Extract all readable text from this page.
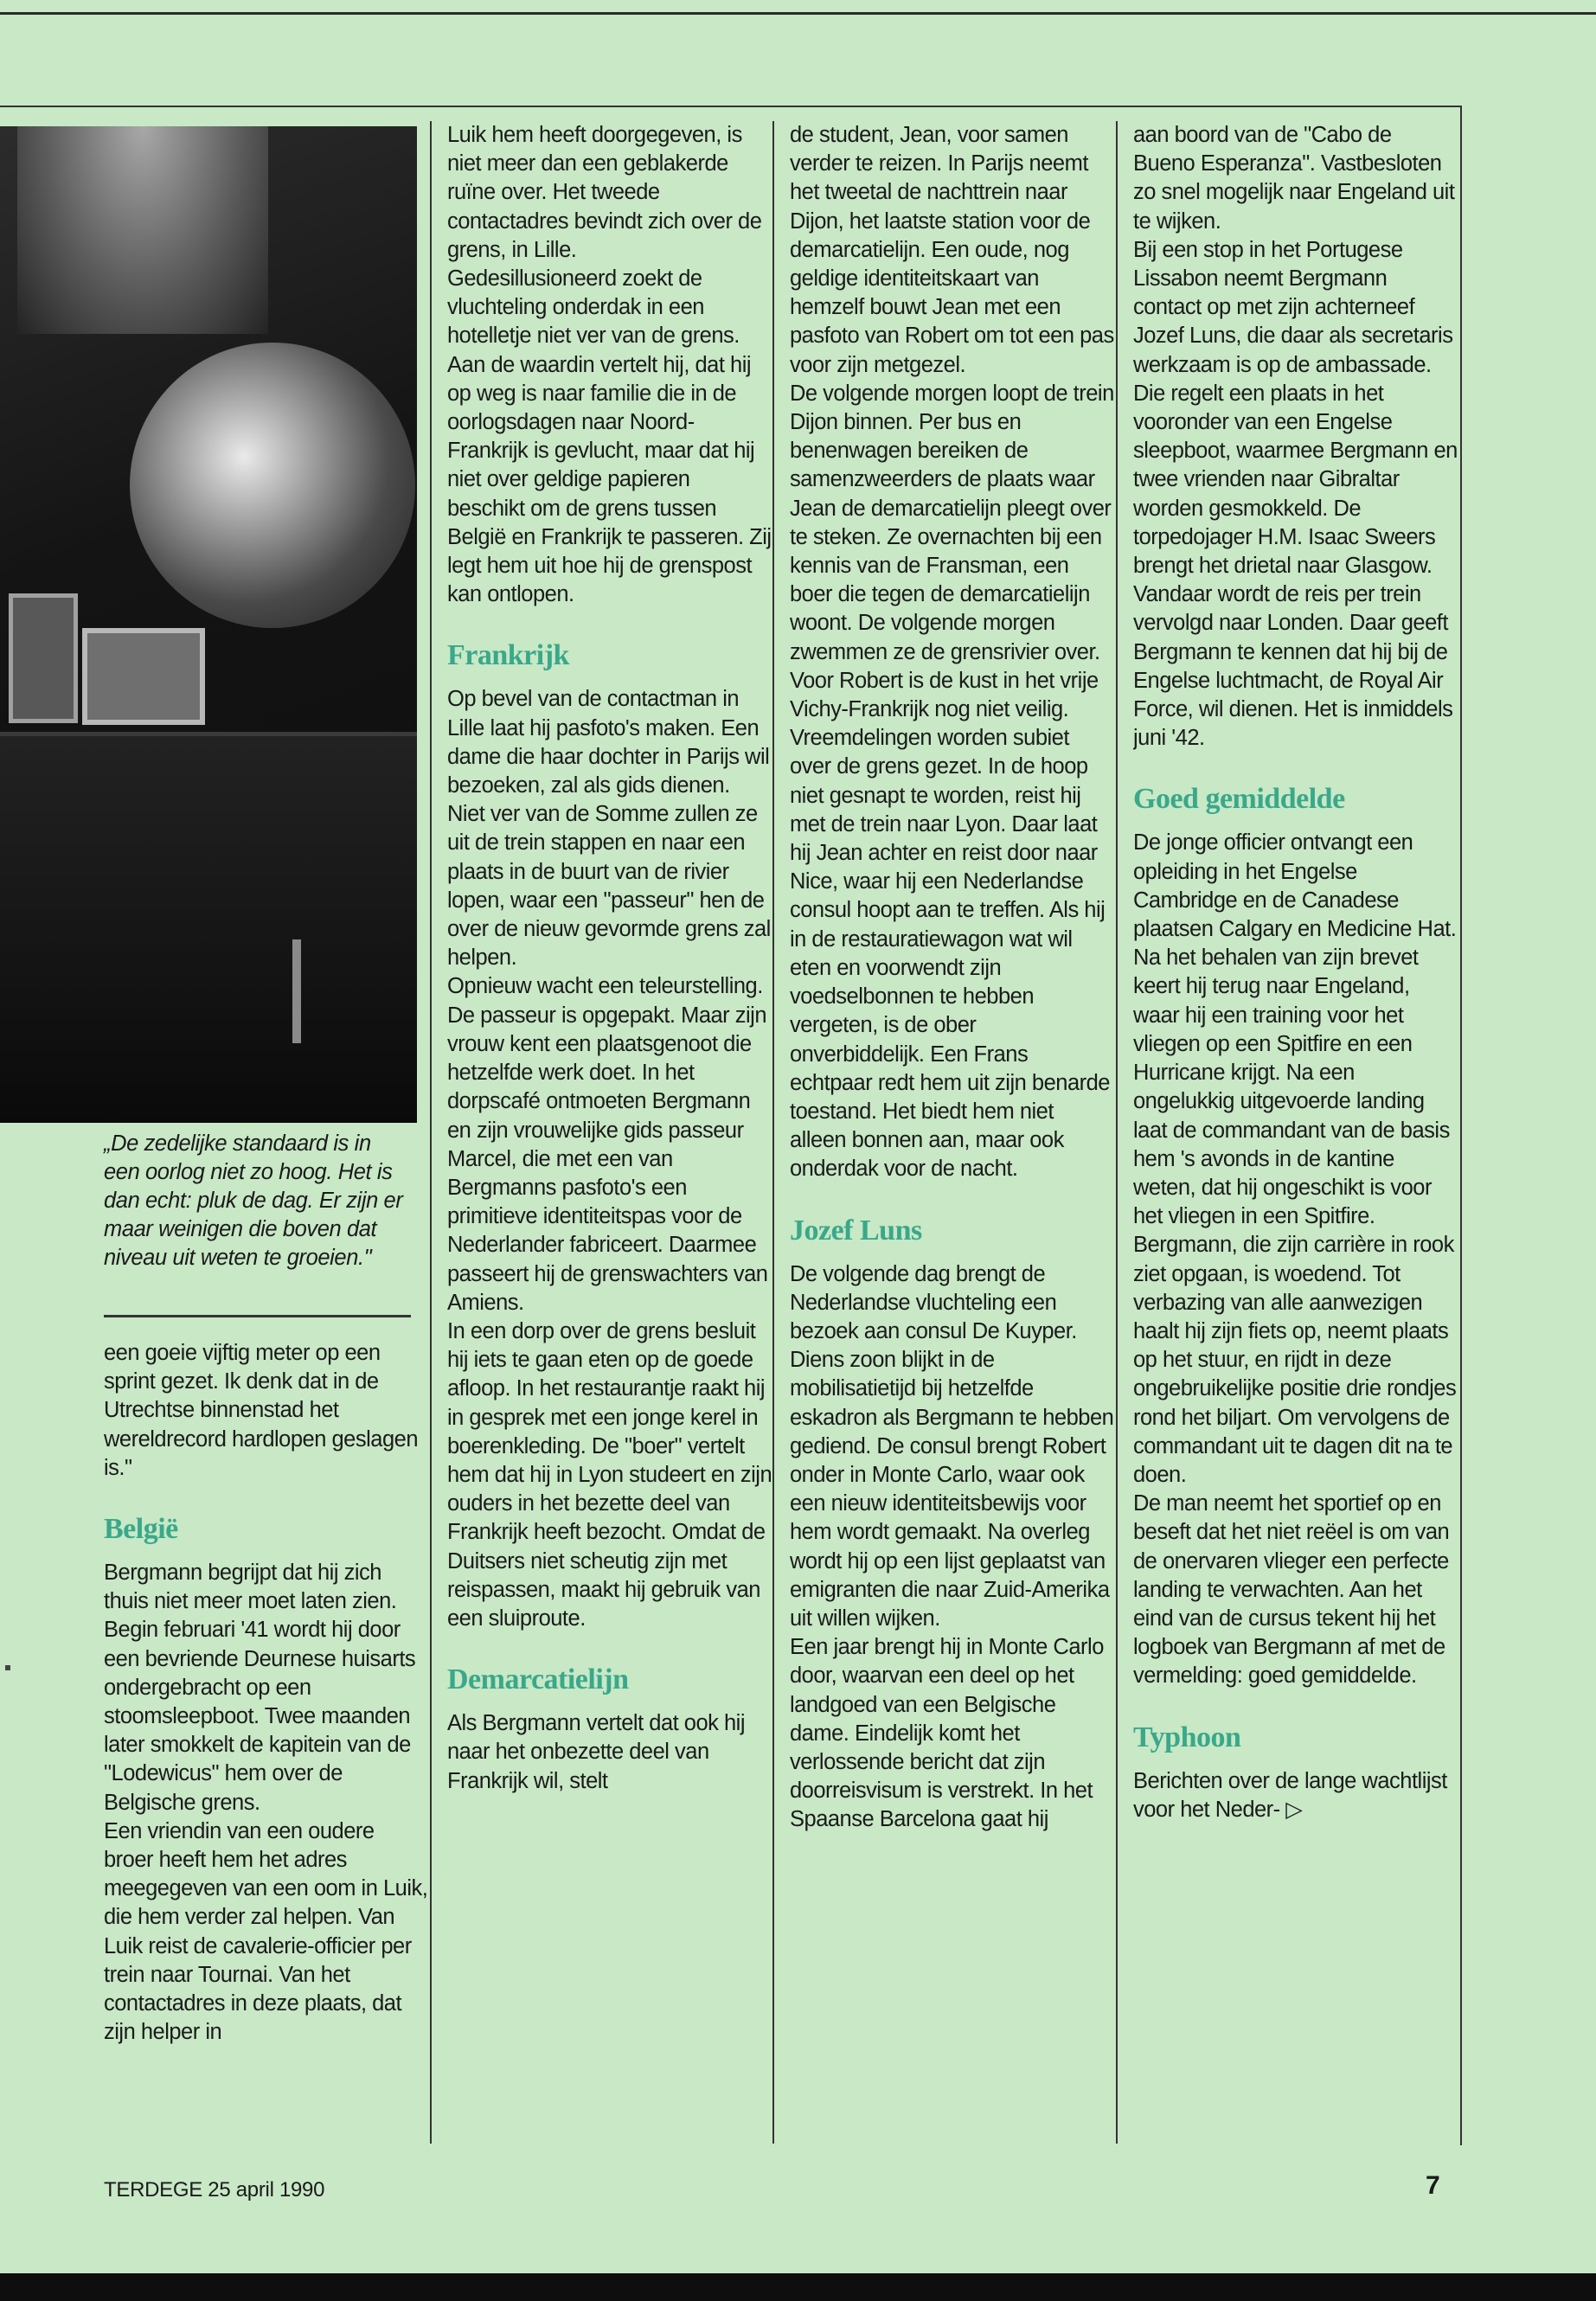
„De zedelijke standaard is in een oorlog niet zo hoog. Het is dan echt: pluk de dag. Er zijn er maar weinigen die boven dat niveau uit weten te groeien."

een goeie vijftig meter op een sprint gezet. Ik denk dat in de Utrechtse binnenstad het wereldrecord hardlopen geslagen is."

België

Bergmann begrijpt dat hij zich thuis niet meer moet laten zien. Begin februari '41 wordt hij door een bevriende Deurnese huisarts ondergebracht op een stoomsleepboot. Twee maanden later smokkelt de kapitein van de "Lodewicus" hem over de Belgische grens.

Een vriendin van een oudere broer heeft hem het adres meegegeven van een oom in Luik, die hem verder zal helpen. Van Luik reist de cavalerie-officier per trein naar Tournai. Van het contactadres in deze plaats, dat zijn helper in

Luik hem heeft doorgegeven, is niet meer dan een geblakerde ruïne over. Het tweede contactadres bevindt zich over de grens, in Lille.

Gedesillusioneerd zoekt de vluchteling onderdak in een hotelletje niet ver van de grens. Aan de waardin vertelt hij, dat hij op weg is naar familie die in de oorlogsdagen naar Noord-Frankrijk is gevlucht, maar dat hij niet over geldige papieren beschikt om de grens tussen België en Frankrijk te passeren. Zij legt hem uit hoe hij de grenspost kan ontlopen.

Frankrijk

Op bevel van de contactman in Lille laat hij pasfoto's maken. Een dame die haar dochter in Parijs wil bezoeken, zal als gids dienen. Niet ver van de Somme zullen ze uit de trein stappen en naar een plaats in de buurt van de rivier lopen, waar een "passeur" hen de over de nieuw gevormde grens zal helpen.

Opnieuw wacht een teleurstelling. De passeur is opgepakt. Maar zijn vrouw kent een plaatsgenoot die hetzelfde werk doet. In het dorpscafé ontmoeten Bergmann en zijn vrouwelijke gids passeur Marcel, die met een van Bergmanns pasfoto's een primitieve identiteitspas voor de Nederlander fabriceert. Daarmee passeert hij de grenswachters van Amiens.

In een dorp over de grens besluit hij iets te gaan eten op de goede afloop. In het restaurantje raakt hij in gesprek met een jonge kerel in boerenkleding. De "boer" vertelt hem dat hij in Lyon studeert en zijn ouders in het bezette deel van Frankrijk heeft bezocht. Omdat de Duitsers niet scheutig zijn met reispassen, maakt hij gebruik van een sluiproute.

Demarcatielijn

Als Bergmann vertelt dat ook hij naar het onbezette deel van Frankrijk wil, stelt

de student, Jean, voor samen verder te reizen. In Parijs neemt het tweetal de nachttrein naar Dijon, het laatste station voor de demarcatielijn. Een oude, nog geldige identiteitskaart van hemzelf bouwt Jean met een pasfoto van Robert om tot een pas voor zijn metgezel.

De volgende morgen loopt de trein Dijon binnen. Per bus en benenwagen bereiken de samenzweerders de plaats waar Jean de demarcatielijn pleegt over te steken. Ze overnachten bij een kennis van de Fransman, een boer die tegen de demarcatielijn woont. De volgende morgen zwemmen ze de grensrivier over. Voor Robert is de kust in het vrije Vichy-Frankrijk nog niet veilig. Vreemdelingen worden subiet over de grens gezet. In de hoop niet gesnapt te worden, reist hij met de trein naar Lyon. Daar laat hij Jean achter en reist door naar Nice, waar hij een Nederlandse consul hoopt aan te treffen. Als hij in de restauratiewagon wat wil eten en voorwendt zijn voedselbonnen te hebben vergeten, is de ober onverbiddelijk. Een Frans echtpaar redt hem uit zijn benarde toestand. Het biedt hem niet alleen bonnen aan, maar ook onderdak voor de nacht.

Jozef Luns

De volgende dag brengt de Nederlandse vluchteling een bezoek aan consul De Kuyper. Diens zoon blijkt in de mobilisatietijd bij hetzelfde eskadron als Bergmann te hebben gediend. De consul brengt Robert onder in Monte Carlo, waar ook een nieuw identiteitsbewijs voor hem wordt gemaakt. Na overleg wordt hij op een lijst geplaatst van emigranten die naar Zuid-Amerika uit willen wijken.

Een jaar brengt hij in Monte Carlo door, waarvan een deel op het landgoed van een Belgische dame. Eindelijk komt het verlossende bericht dat zijn doorreisvisum is verstrekt. In het Spaanse Barcelona gaat hij

aan boord van de "Cabo de Bueno Esperanza". Vastbesloten zo snel mogelijk naar Engeland uit te wijken.

Bij een stop in het Portugese Lissabon neemt Bergmann contact op met zijn achterneef Jozef Luns, die daar als secretaris werkzaam is op de ambassade. Die regelt een plaats in het vooronder van een Engelse sleepboot, waarmee Bergmann en twee vrienden naar Gibraltar worden gesmokkeld. De torpedojager H.M. Isaac Sweers brengt het drietal naar Glasgow. Vandaar wordt de reis per trein vervolgd naar Londen. Daar geeft Bergmann te kennen dat hij bij de Engelse luchtmacht, de Royal Air Force, wil dienen. Het is inmiddels juni '42.

Goed gemiddelde

De jonge officier ontvangt een opleiding in het Engelse Cambridge en de Canadese plaatsen Calgary en Medicine Hat. Na het behalen van zijn brevet keert hij terug naar Engeland, waar hij een training voor het vliegen op een Spitfire en een Hurricane krijgt. Na een ongelukkig uitgevoerde landing laat de commandant van de basis hem 's avonds in de kantine weten, dat hij ongeschikt is voor het vliegen in een Spitfire.

Bergmann, die zijn carrière in rook ziet opgaan, is woedend. Tot verbazing van alle aanwezigen haalt hij zijn fiets op, neemt plaats op het stuur, en rijdt in deze ongebruikelijke positie drie rondjes rond het biljart. Om vervolgens de commandant uit te dagen dit na te doen.

De man neemt het sportief op en beseft dat het niet reëel is om van de onervaren vlieger een perfecte landing te verwachten. Aan het eind van de cursus tekent hij het logboek van Bergmann af met de vermelding: goed gemiddelde.

Typhoon

Berichten over de lange wachtlijst voor het Neder- ▷

TERDEGE 25 april 1990	7
